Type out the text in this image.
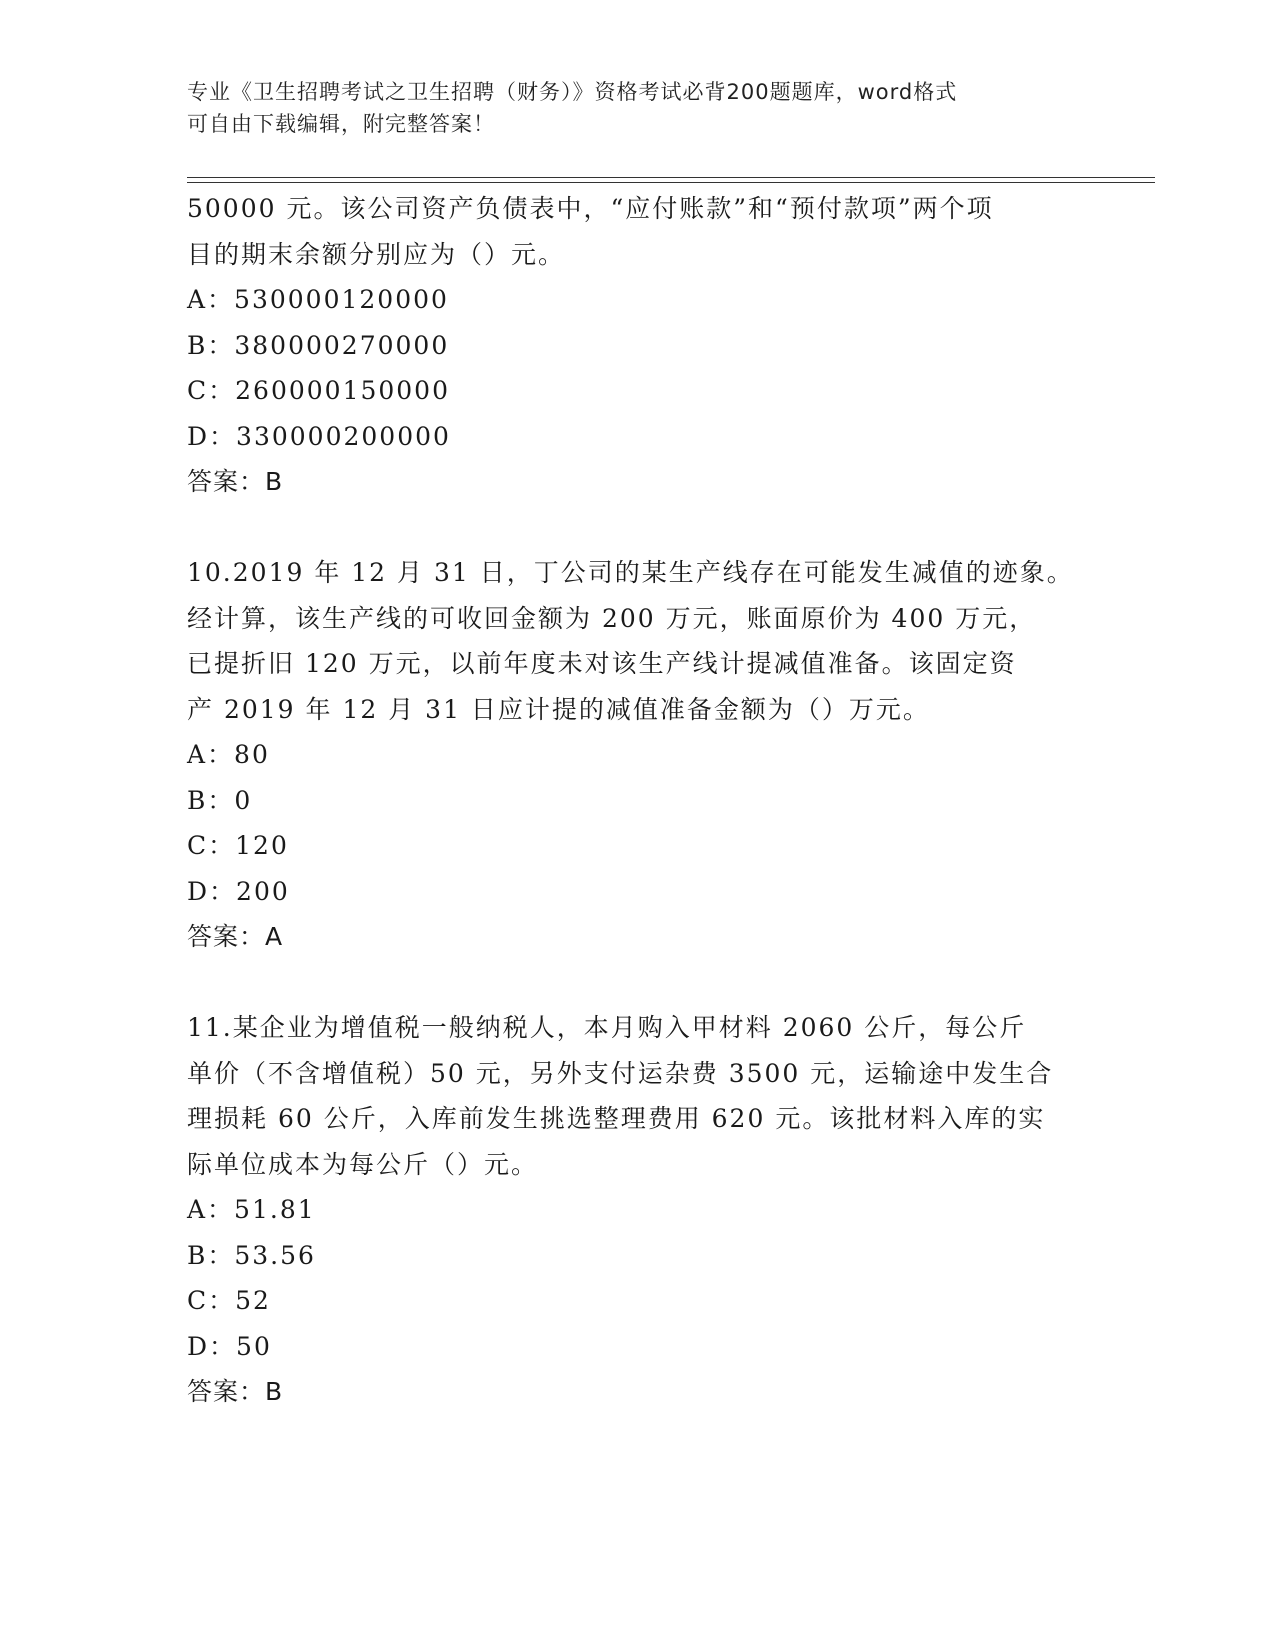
专业《卫生招聘考试之卫生招聘（财务）》资格考试必背200题题库，word格式
可自由下载编辑，附完整答案！
50000 元。该公司资产负债表中，“应付账款”和“预付款项”两个项
目的期末余额分别应为（）元。
A：530000120000
B：380000270000
C：260000150000
D：330000200000
答案：B
10.2019 年 12 月 31 日，丁公司的某生产线存在可能发生减值的迹象。
经计算，该生产线的可收回金额为 200 万元，账面原价为 400 万元，
已提折旧 120 万元，以前年度未对该生产线计提减值准备。该固定资
产 2019 年 12 月 31 日应计提的减值准备金额为（）万元。
A：80
B：0
C：120
D：200
答案：A
11.某企业为增值税一般纳税人，本月购入甲材料 2060 公斤，每公斤
单价（不含增值税）50 元，另外支付运杂费 3500 元，运输途中发生合
理损耗 60 公斤，入库前发生挑选整理费用 620 元。该批材料入库的实
际单位成本为每公斤（）元。
A：51.81
B：53.56
C：52
D：50
答案：B
